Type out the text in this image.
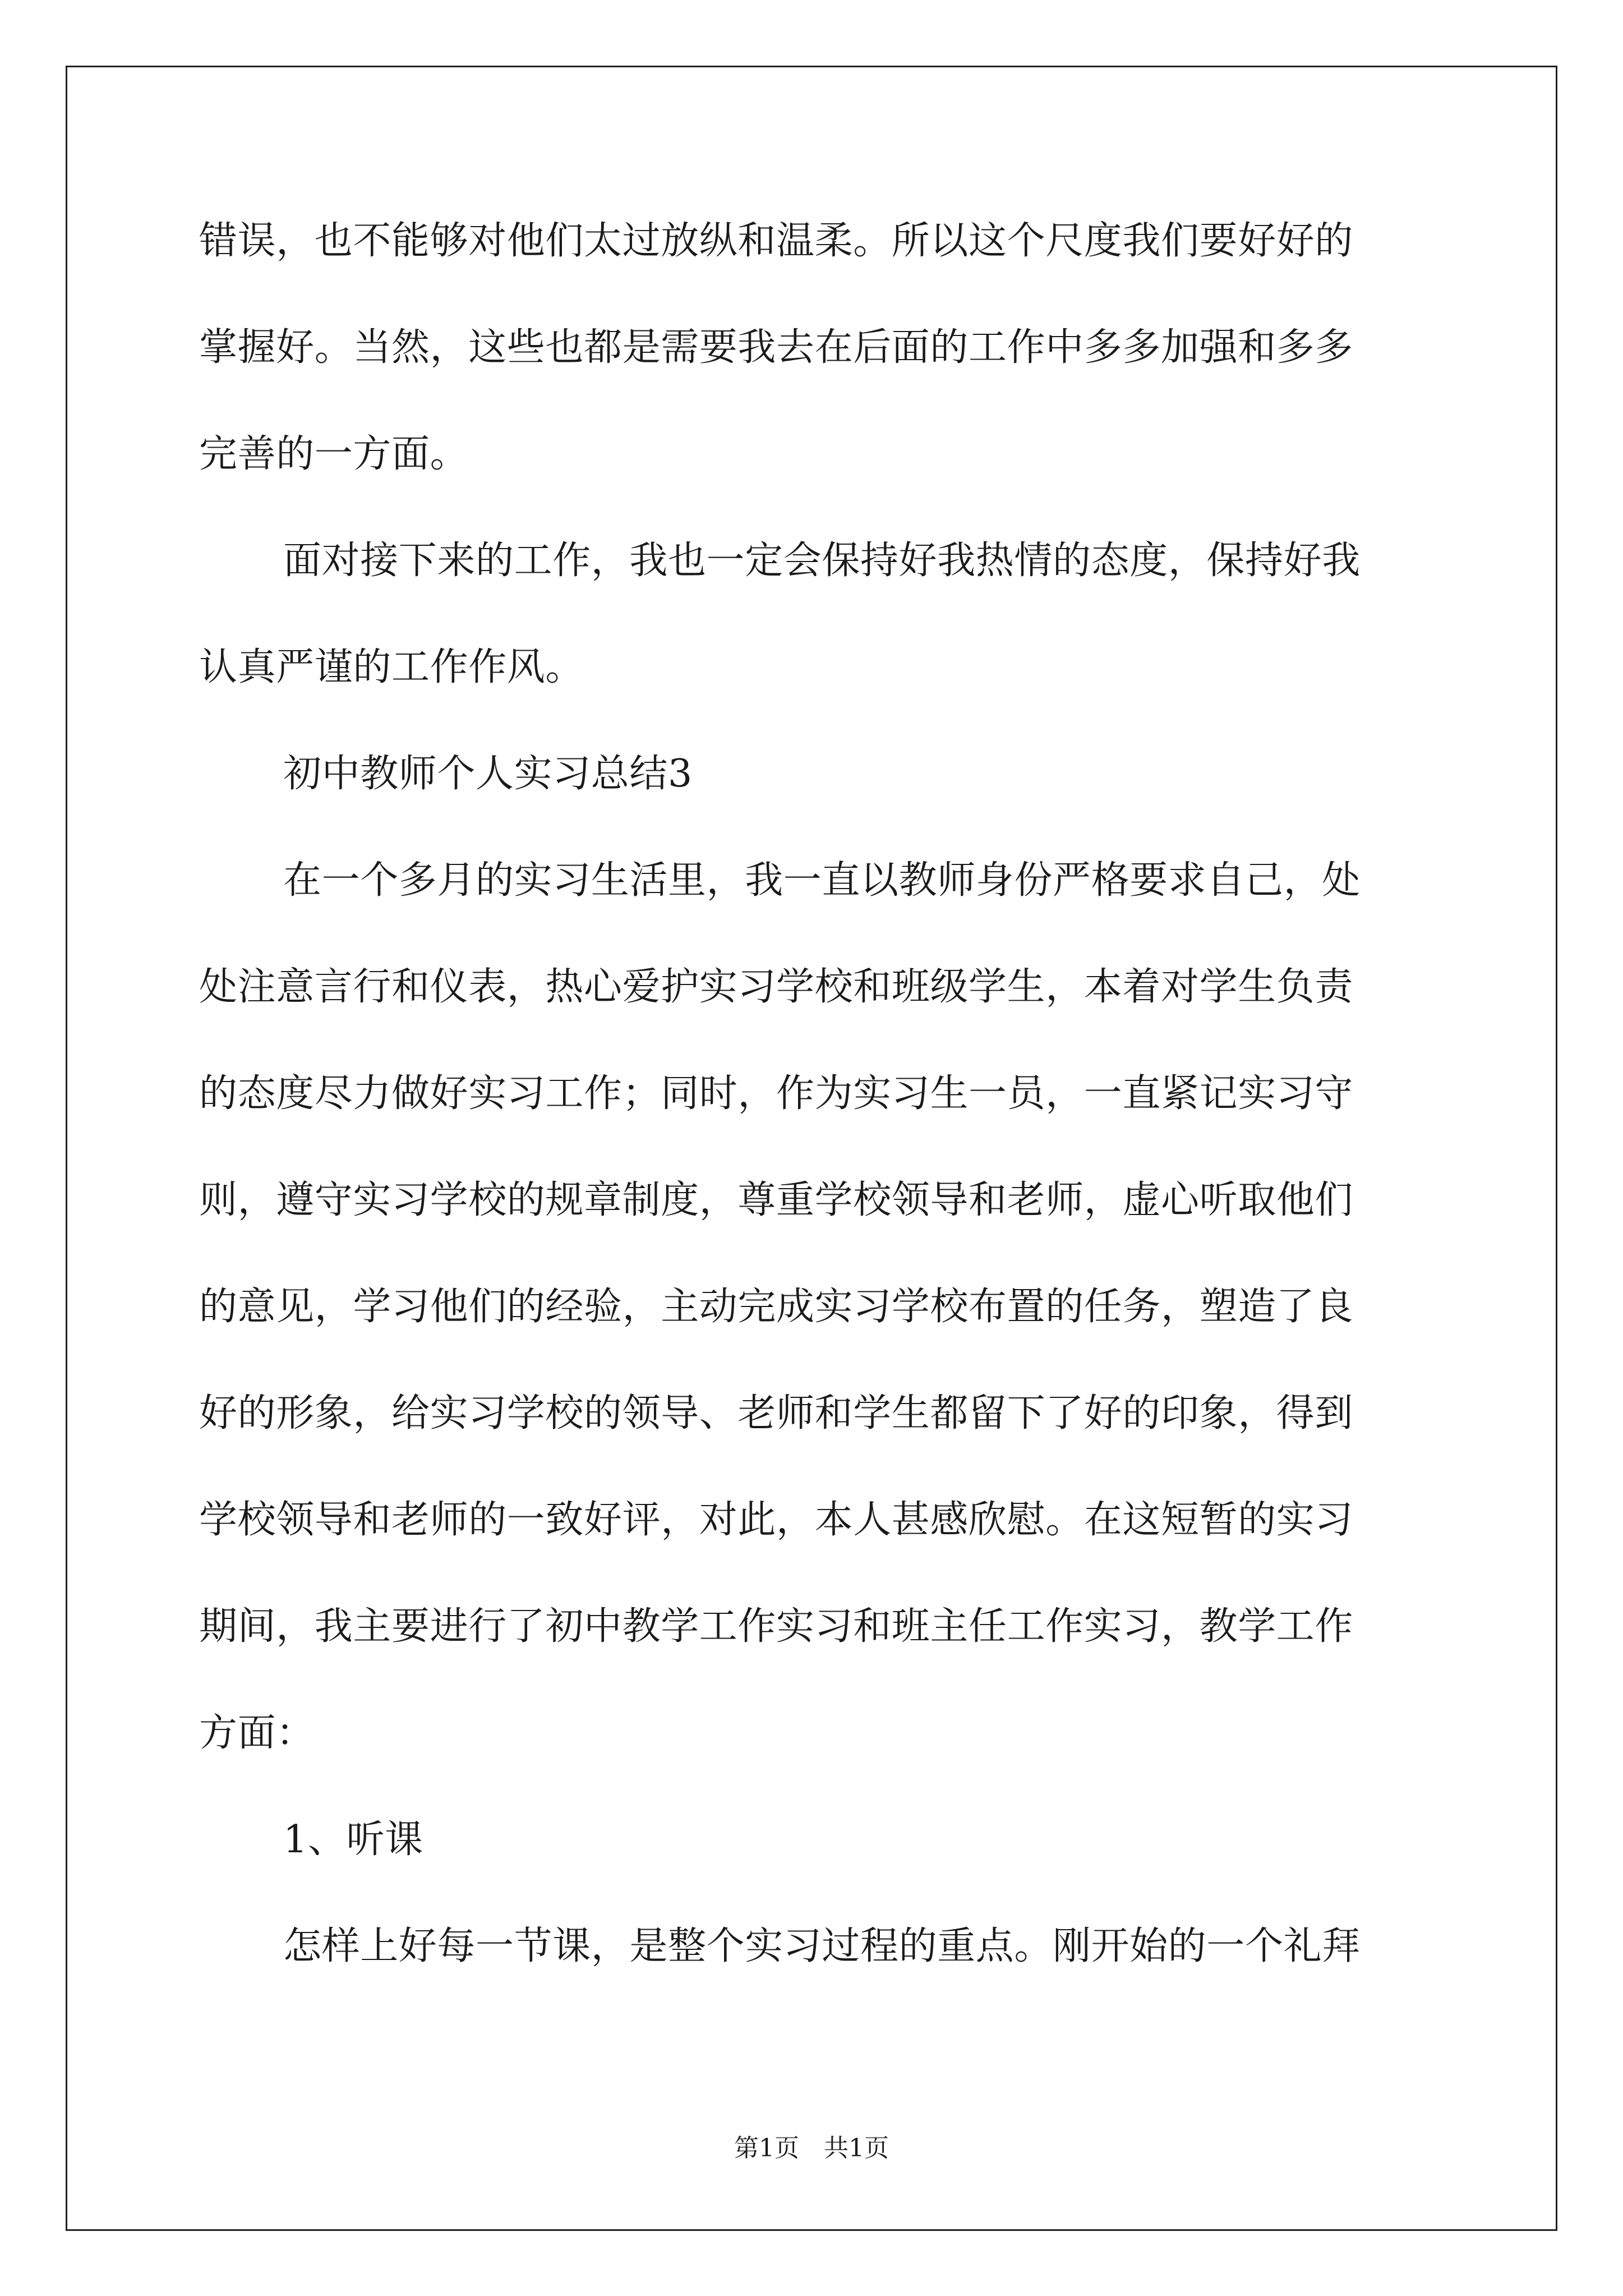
错误，也不能够对他们太过放纵和温柔。所以这个尺度我们要好好的
掌握好。当然，这些也都是需要我去在后面的工作中多多加强和多多
完善的一方面。
面对接下来的工作，我也一定会保持好我热情的态度，保持好我
认真严谨的工作作风。
初中教师个人实习总结3
在一个多月的实习生活里，我一直以教师身份严格要求自己，处
处注意言行和仪表，热心爱护实习学校和班级学生，本着对学生负责
的态度尽力做好实习工作；同时，作为实习生一员，一直紧记实习守
则，遵守实习学校的规章制度，尊重学校领导和老师，虚心听取他们
的意见，学习他们的经验，主动完成实习学校布置的任务，塑造了良
好的形象，给实习学校的领导、老师和学生都留下了好的印象，得到
学校领导和老师的一致好评，对此，本人甚感欣慰。在这短暂的实习
期间，我主要进行了初中教学工作实习和班主任工作实习，教学工作
方面：
1、听课
怎样上好每一节课，是整个实习过程的重点。刚开始的一个礼拜
第1页　共1页
